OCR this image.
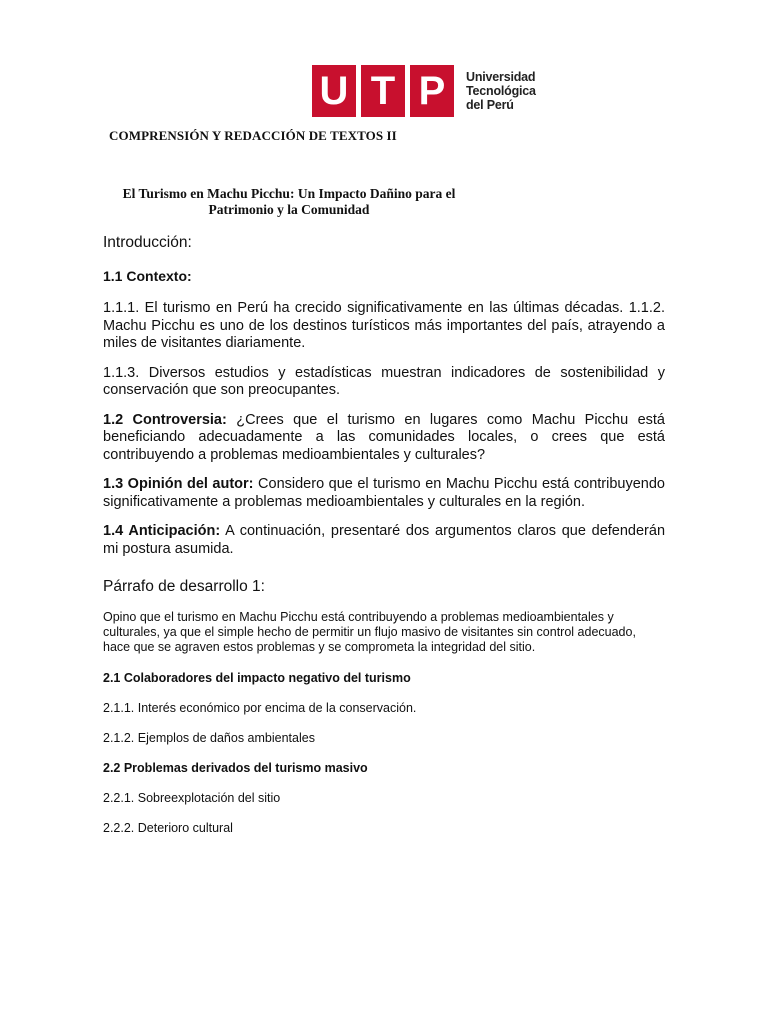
U T P	Universidad
Tecnológica
del Perú
COMPRENSIÓN Y REDACCIÓN DE TEXTOS II
El Turismo en Machu Picchu: Un Impacto Dañino para el
Patrimonio y la Comunidad
Introducción:
1.1 Contexto:
1.1.1. El turismo en Perú ha crecido significativamente en las últimas décadas. 1.1.2. Machu Picchu es uno de los destinos turísticos más importantes del país, atrayendo a miles de visitantes diariamente.
1.1.3. Diversos estudios y estadísticas muestran indicadores de sostenibilidad y conservación que son preocupantes.
1.2 Controversia: ¿Crees que el turismo en lugares como Machu Picchu está beneficiando adecuadamente a las comunidades locales, o crees que está contribuyendo a problemas medioambientales y culturales?
1.3 Opinión del autor: Considero que el turismo en Machu Picchu está contribuyendo significativamente a problemas medioambientales y culturales en la región.
1.4 Anticipación: A continuación, presentaré dos argumentos claros que defenderán mi postura asumida.
Párrafo de desarrollo 1:
Opino que el turismo en Machu Picchu está contribuyendo a problemas medioambientales y culturales, ya que el simple hecho de permitir un flujo masivo de visitantes sin control adecuado, hace que se agraven estos problemas y se comprometa la integridad del sitio.
2.1 Colaboradores del impacto negativo del turismo
2.1.1. Interés económico por encima de la conservación.
2.1.2. Ejemplos de daños ambientales
2.2 Problemas derivados del turismo masivo
2.2.1. Sobreexplotación del sitio
2.2.2. Deterioro cultural
